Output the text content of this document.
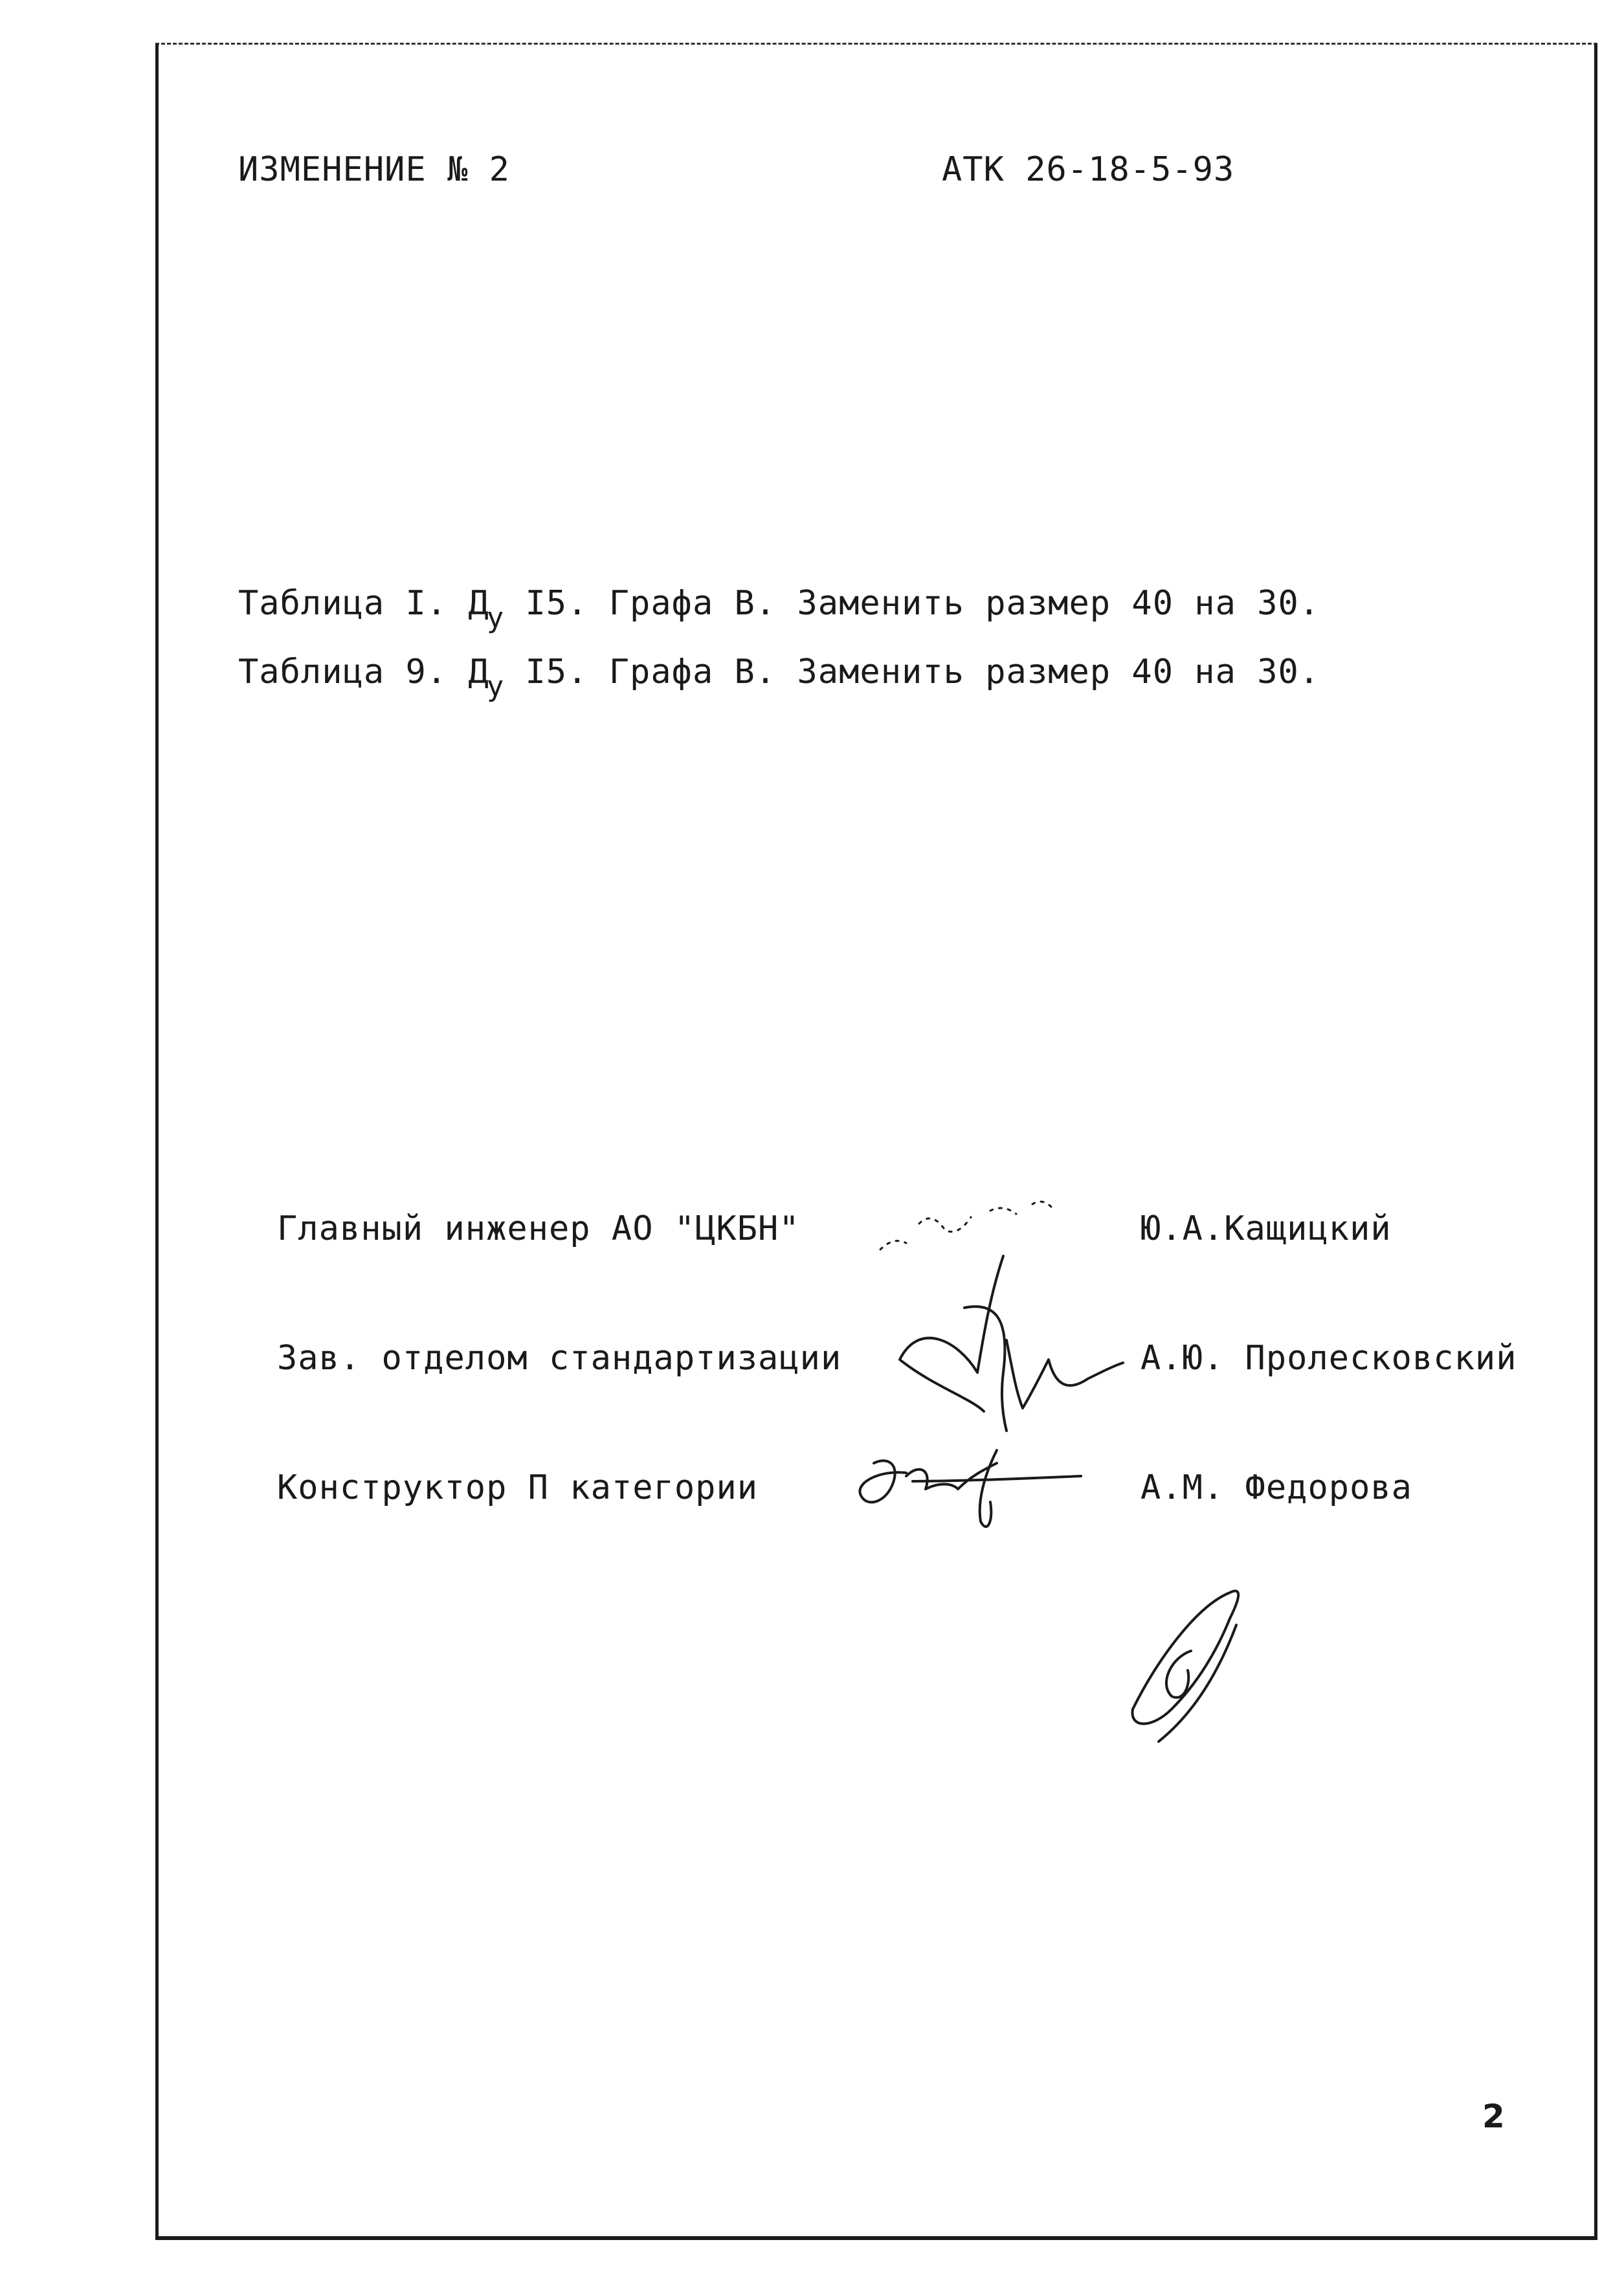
ИЗМЕНЕНИЕ № 2	АТК 26-18-5-93
Таблица I. $Д_у$ I5. Графа В. Заменить размер 40 на 30.
Таблица 9. $Д_у$ I5. Графа В. Заменить размер 40 на 30.
Главный инженер АО "ЦКБН"	Ю.А.Кащицкий
Зав. отделом стандартизации	А.Ю. Пролесковский
Конструктор П категории	А.М. Федорова
2
